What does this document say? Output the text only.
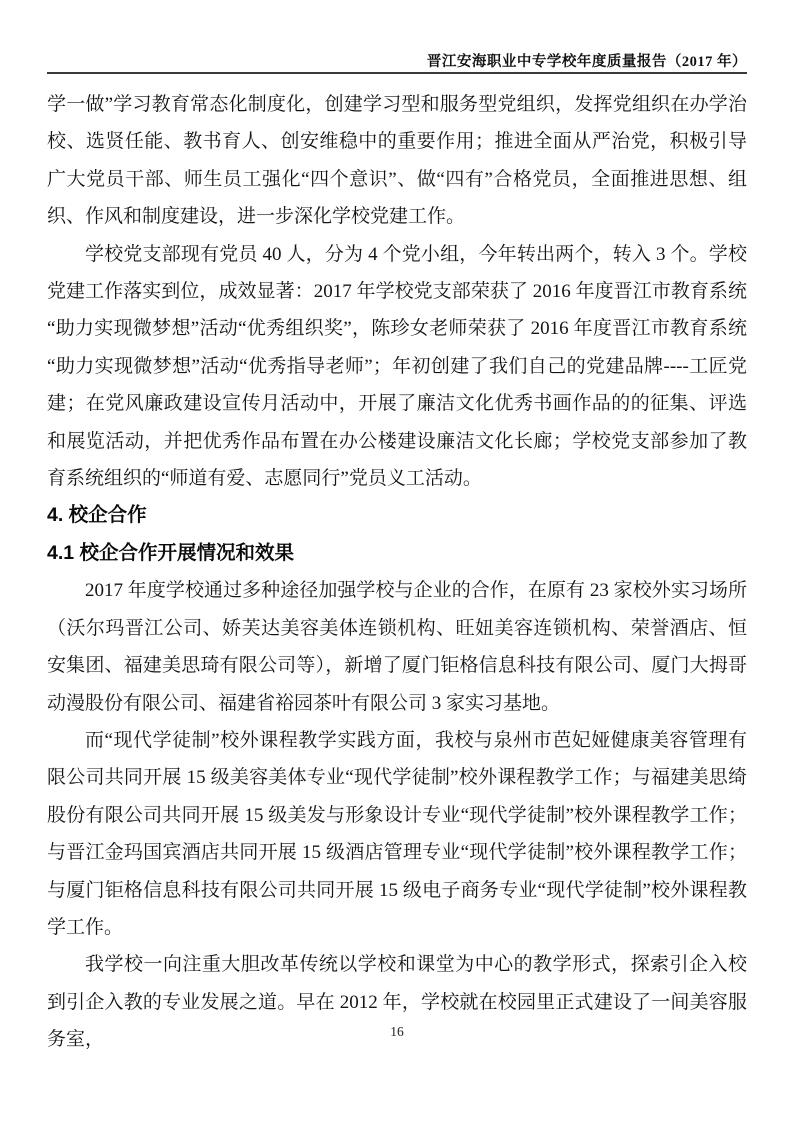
晋江安海职业中专学校年度质量报告（2017 年）

学一做”学习教育常态化制度化，创建学习型和服务型党组织，发挥党组织在办学治校、选贤任能、教书育人、创安维稳中的重要作用；推进全面从严治党，积极引导广大党员干部、师生员工强化“四个意识”、做“四有”合格党员，全面推进思想、组织、作风和制度建设，进一步深化学校党建工作。

学校党支部现有党员 40 人，分为 4 个党小组，今年转出两个，转入 3 个。学校党建工作落实到位，成效显著：2017 年学校党支部荣获了 2016 年度晋江市教育系统“助力实现微梦想”活动“优秀组织奖”，陈珍女老师荣获了 2016 年度晋江市教育系统“助力实现微梦想”活动“优秀指导老师”；年初创建了我们自己的党建品牌----工匠党建；在党风廉政建设宣传月活动中，开展了廉洁文化优秀书画作品的的征集、评选和展览活动，并把优秀作品布置在办公楼建设廉洁文化长廊；学校党支部参加了教育系统组织的“师道有爱、志愿同行”党员义工活动。

4. 校企合作
4.1 校企合作开展情况和效果

2017 年度学校通过多种途径加强学校与企业的合作，在原有 23 家校外实习场所（沃尔玛晋江公司、娇芙达美容美体连锁机构、旺妞美容连锁机构、荣誉酒店、恒安集团、福建美思琦有限公司等），新增了厦门钜格信息科技有限公司、厦门大拇哥动漫股份有限公司、福建省裕园茶叶有限公司 3 家实习基地。

而“现代学徒制”校外课程教学实践方面，我校与泉州市芭妃娅健康美容管理有限公司共同开展 15 级美容美体专业“现代学徒制”校外课程教学工作；与福建美思绮股份有限公司共同开展 15 级美发与形象设计专业“现代学徒制”校外课程教学工作；与晋江金玛国宾酒店共同开展 15 级酒店管理专业“现代学徒制”校外课程教学工作；与厦门钜格信息科技有限公司共同开展 15 级电子商务专业“现代学徒制”校外课程教学工作。

我学校一向注重大胆改革传统以学校和课堂为中心的教学形式，探索引企入校到引企入教的专业发展之道。早在 2012 年，学校就在校园里正式建设了一间美容服务室，	16
